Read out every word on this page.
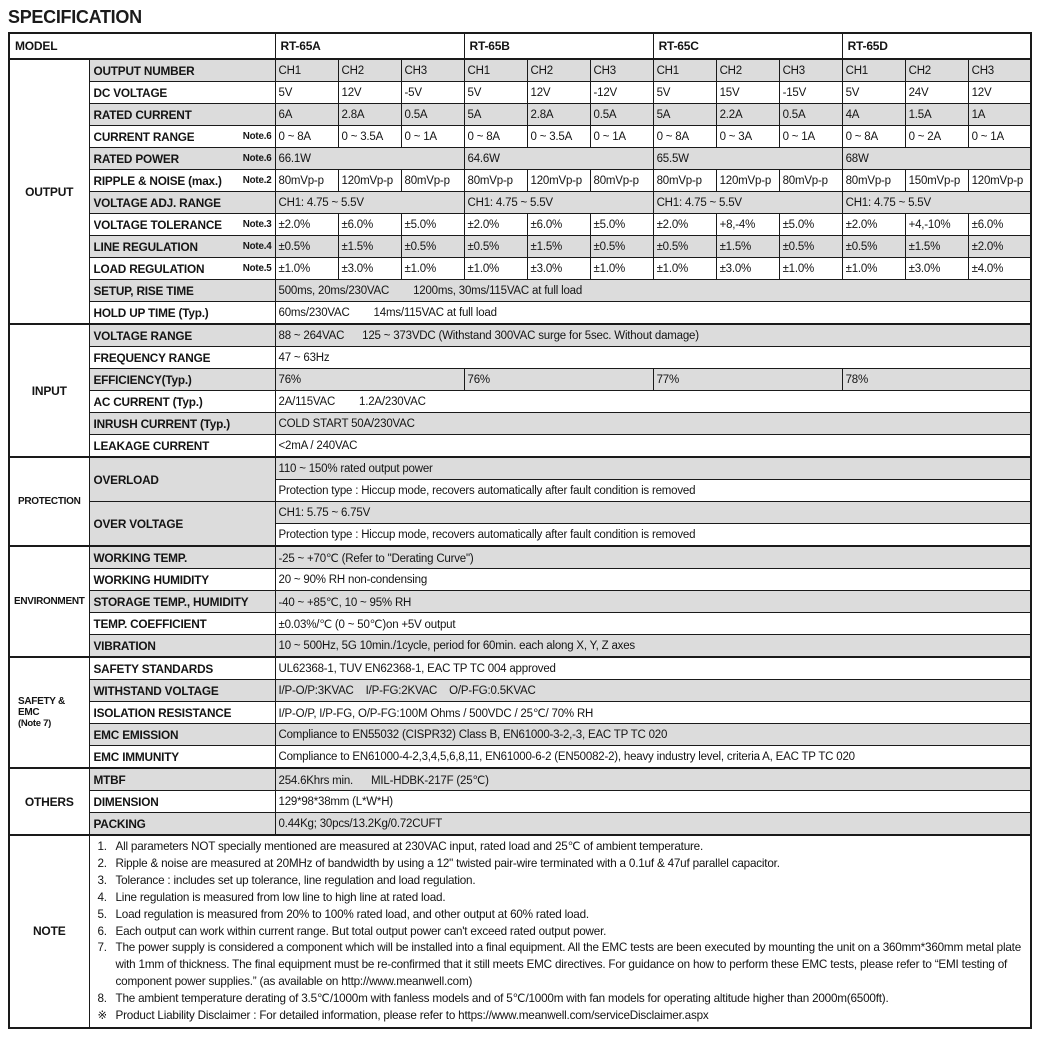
SPECIFICATION
MODEL		RT-65A			RT-65B			RT-65C			RT-65D		

OUTPUT	OUTPUT NUMBER	CH1	CH2	CH3	CH1	CH2	CH3	CH1	CH2	CH3	CH1	CH2	CH3
	DC VOLTAGE	5V	12V	-5V	5V	12V	-12V	5V	15V	-15V	5V	24V	12V
	RATED CURRENT	6A	2.8A	0.5A	5A	2.8A	0.5A	5A	2.2A	0.5A	4A	1.5A	1A

	CURRENT RANGE Note.6	0 ~ 8A	0 ~ 3.5A	0 ~ 1A	0 ~ 8A	0 ~ 3.5A	0 ~ 1A	0 ~ 8A	0 ~ 3A	0 ~ 1A	0 ~ 8A	0 ~ 2A	0 ~ 1A

	RATED POWER Note.6	66.1W			64.6W			65.5W			68W		

	RIPPLE & NOISE (max.) Note.2	80mVp-p	120mVp-p	80mVp-p	80mVp-p	120mVp-p	80mVp-p	80mVp-p	120mVp-p	80mVp-p	80mVp-p	150mVp-p	120mVp-p
	VOLTAGE ADJ. RANGE	CH1: 4.75 ~ 5.5V			CH1: 4.75 ~ 5.5V			CH1: 4.75 ~ 5.5V			CH1: 4.75 ~ 5.5V		

	VOLTAGE TOLERANCE Note.3	±2.0%	±6.0%	±5.0%	±2.0%	±6.0%	±5.0%	±2.0%	+8,-4%	±5.0%	±2.0%	+4,-10%	±6.0%

	LINE REGULATION Note.4	±0.5%	±1.5%	±0.5%	±0.5%	±1.5%	±0.5%	±0.5%	±1.5%	±0.5%	±0.5%	±1.5%	±2.0%

	LOAD REGULATION Note.5	±1.0%	±3.0%	±1.0%	±1.0%	±3.0%	±1.0%	±1.0%	±3.0%	±1.0%	±1.0%	±3.0%	±4.0%
	SETUP, RISE TIME	500ms, 20ms/230VAC        1200ms, 30ms/115VAC at full load											
	HOLD UP TIME (Typ.)	60ms/230VAC        14ms/115VAC at full load											

INPUT	VOLTAGE RANGE	88 ~ 264VAC      125 ~ 373VDC (Withstand 300VAC surge for 5sec. Without damage)											
	FREQUENCY RANGE	47 ~ 63Hz											
	EFFICIENCY(Typ.)	76%			76%			77%			78%		
	AC CURRENT (Typ.)	2A/115VAC        1.2A/230VAC											
	INRUSH CURRENT (Typ.)	COLD START 50A/230VAC											
	LEAKAGE CURRENT	<2mA / 240VAC											

PROTECTION	OVERLOAD	110 ~ 150% rated output power											
		Protection type : Hiccup mode, recovers automatically after fault condition is removed											
	OVER VOLTAGE	CH1: 5.75 ~ 6.75V											
		Protection type : Hiccup mode, recovers automatically after fault condition is removed											

ENVIRONMENT	WORKING TEMP.	-25 ~ +70℃ (Refer to "Derating Curve")											
	WORKING HUMIDITY	20 ~ 90% RH non-condensing											
	STORAGE TEMP., HUMIDITY	-40 ~ +85℃, 10 ~ 95% RH											
	TEMP. COEFFICIENT	±0.03%/℃ (0 ~ 50℃)on +5V output											
	VIBRATION	10 ~ 500Hz, 5G 10min./1cycle, period for 60min. each along X, Y, Z axes											

SAFETY &
EMC
(Note 7)	SAFETY STANDARDS	UL62368-1, TUV EN62368-1, EAC TP TC 004 approved											
	WITHSTAND VOLTAGE	I/P-O/P:3KVAC    I/P-FG:2KVAC    O/P-FG:0.5KVAC											
	ISOLATION RESISTANCE	I/P-O/P, I/P-FG, O/P-FG:100M Ohms / 500VDC / 25℃/ 70% RH											
	EMC EMISSION	Compliance to EN55032 (CISPR32) Class B, EN61000-3-2,-3, EAC TP TC 020											
	EMC IMMUNITY	Compliance to EN61000-4-2,3,4,5,6,8,11, EN61000-6-2 (EN50082-2), heavy industry level, criteria A, EAC TP TC 020											

OTHERS	MTBF	254.6Khrs min.      MIL-HDBK-217F (25℃)											
	DIMENSION	129*98*38mm (L*W*H)											
	PACKING	0.44Kg; 30pcs/13.2Kg/0.72CUFT											
NOTE	
1. All parameters NOT specially mentioned are measured at 230VAC input, rated load and 25℃ of ambient temperature.
2. Ripple & noise are measured at 20MHz of bandwidth by using a 12" twisted pair-wire terminated with a 0.1uf & 47uf parallel capacitor.
3. Tolerance : includes set up tolerance, line regulation and load regulation.
4. Line regulation is measured from low line to high line at rated load.
5. Load regulation is measured from 20% to 100% rated load, and other output at 60% rated load.
6. Each output can work within current range. But total output power can't exceed rated output power.
7. The power supply is considered a component which will be installed into a final equipment. All the EMC tests are been executed by mounting the unit on a 360mm*360mm metal plate with 1mm of thickness. The final equipment must be re-confirmed that it still meets EMC directives. For guidance on how to perform these EMC tests, please refer to “EMI testing of component power supplies.” (as available on http://www.meanwell.com)
8. The ambient temperature derating of 3.5℃/1000m with fanless models and of 5℃/1000m with fan models for operating altitude higher than 2000m(6500ft).
※ Product Liability Disclaimer : For detailed information, please refer to https://www.meanwell.com/serviceDisclaimer.aspx
